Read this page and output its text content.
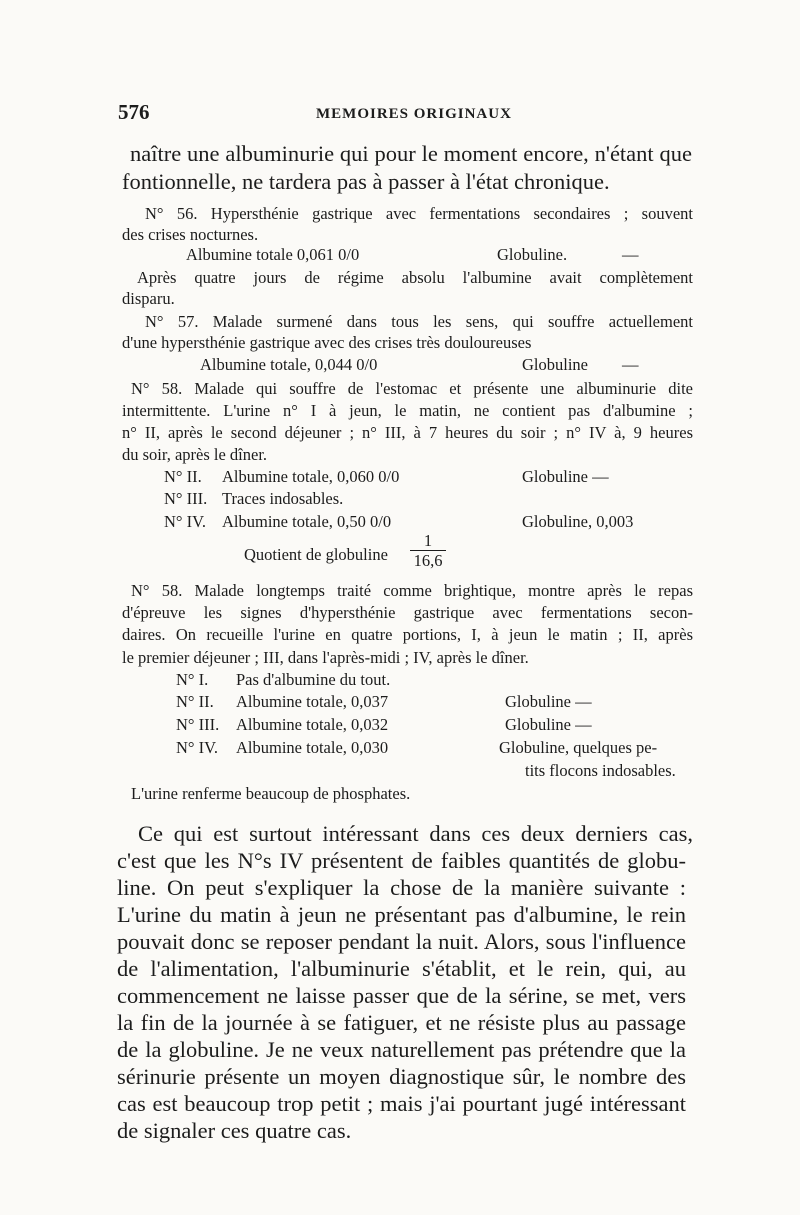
576	MEMOIRES ORIGINAUX
naître une albuminurie qui pour le moment encore, n'étant que
fontionnelle, ne tardera pas à passer à l'état chronique.
N° 56. Hypersthénie gastrique avec fermentations secondaires ; souvent
des crises nocturnes.
Albumine totale 0,061 0/0	Globuline.	—
Après quatre jours de régime absolu l'albumine avait complètement
disparu.
N° 57. Malade surmené dans tous les sens, qui souffre actuellement
d'une hypersthénie gastrique avec des crises très douloureuses
Albumine totale, 0,044 0/0	Globuline —
N° 58. Malade qui souffre de l'estomac et présente une albuminurie dite
intermittente. L'urine n° I à jeun, le matin, ne contient pas d'albumine ;
n° II, après le second déjeuner ; n° III, à 7 heures du soir ; n° IV à, 9 heures
du soir, après le dîner.
N° II. Albumine totale, 0,060 0/0	Globuline —
N° III. Traces indosables.
N° IV. Albumine totale, 0,50 0/0	Globuline, 0,003
Quotient de globuline
1
16,6
N° 58. Malade longtemps traité comme brightique, montre après le repas
d'épreuve les signes d'hypersthénie gastrique avec fermentations secon-
daires. On recueille l'urine en quatre portions, I, à jeun le matin ; II, après
le premier déjeuner ; III, dans l'après-midi ; IV, après le dîner.
N° I. Pas d'albumine du tout.
N° II. Albumine totale, 0,037	Globuline —
N° III. Albumine totale, 0,032	Globuline —
N° IV. Albumine totale, 0,030	Globuline, quelques pe-
tits flocons indosables.
L'urine renferme beaucoup de phosphates.
Ce qui est surtout intéressant dans ces deux derniers cas,
c'est que les N°s IV présentent de faibles quantités de globu-
line. On peut s'expliquer la chose de la manière suivante :
L'urine du matin à jeun ne présentant pas d'albumine, le rein
pouvait donc se reposer pendant la nuit. Alors, sous l'influence
de l'alimentation, l'albuminurie s'établit, et le rein, qui, au
commencement ne laisse passer que de la sérine, se met, vers
la fin de la journée à se fatiguer, et ne résiste plus au passage
de la globuline. Je ne veux naturellement pas prétendre que la
sérinurie présente un moyen diagnostique sûr, le nombre des
cas est beaucoup trop petit ; mais j'ai pourtant jugé intéressant
de signaler ces quatre cas.
